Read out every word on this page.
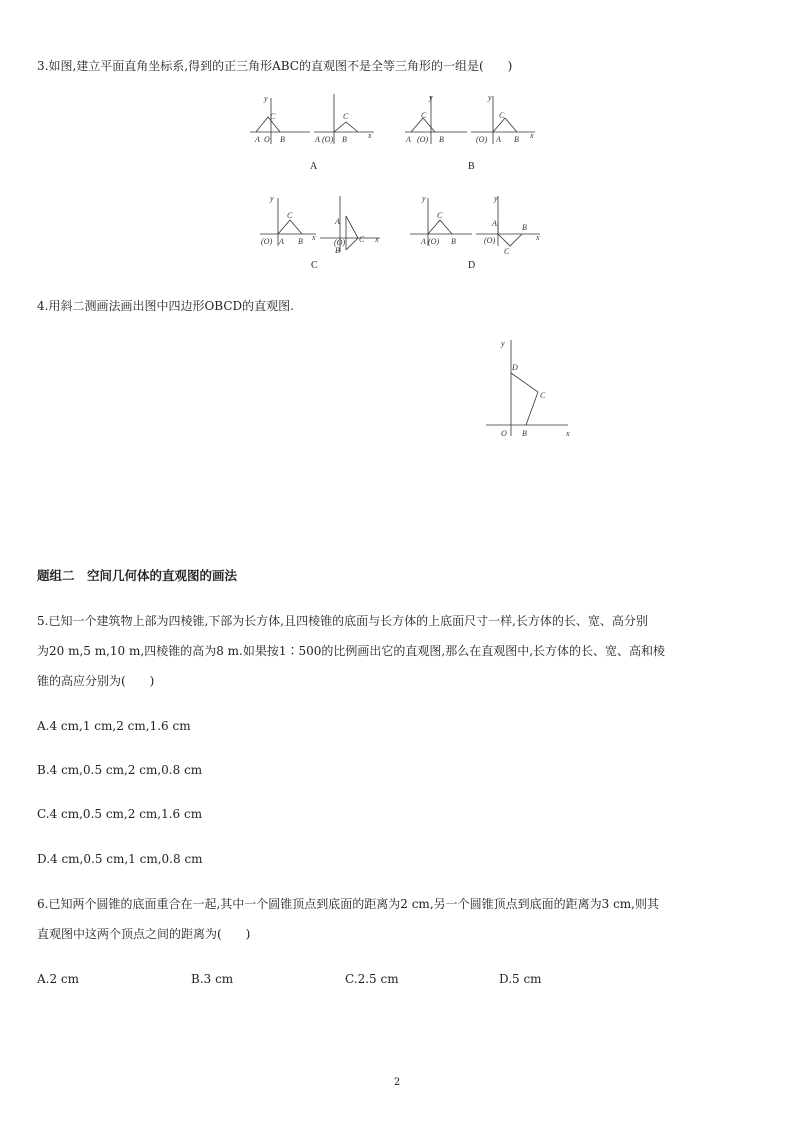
3.如图,建立平面直角坐标系,得到的正三角形ABC的直观图不是全等三角形的一组是(　　)
y
A O B
C
A (O) B
C
x
A
y
A (O) B
C
y
(O) A B
C
x
B
y
(O) A B
C
x
A
(O)
B
C x
C
y
A (O) B
C
y
A
(O)
C
B
x
D
4.用斜二测画法画出图中四边形OBCD的直观图.
y
D
C
O B	x
题组二　空间几何体的直观图的画法
5.已知一个建筑物上部为四棱锥,下部为长方体,且四棱锥的底面与长方体的上底面尺寸一样,长方体的长、宽、高分别
为20 m,5 m,10 m,四棱锥的高为8 m.如果按1∶500的比例画出它的直观图,那么在直观图中,长方体的长、宽、高和棱
锥的高应分别为(　　)
A.4 cm,1 cm,2 cm,1.6 cm
B.4 cm,0.5 cm,2 cm,0.8 cm
C.4 cm,0.5 cm,2 cm,1.6 cm
D.4 cm,0.5 cm,1 cm,0.8 cm
6.已知两个圆锥的底面重合在一起,其中一个圆锥顶点到底面的距离为2 cm,另一个圆锥顶点到底面的距离为3 cm,则其
直观图中这两个顶点之间的距离为(　　)
A.2 cm	B.3 cm	C.2.5 cm	D.5 cm
2
